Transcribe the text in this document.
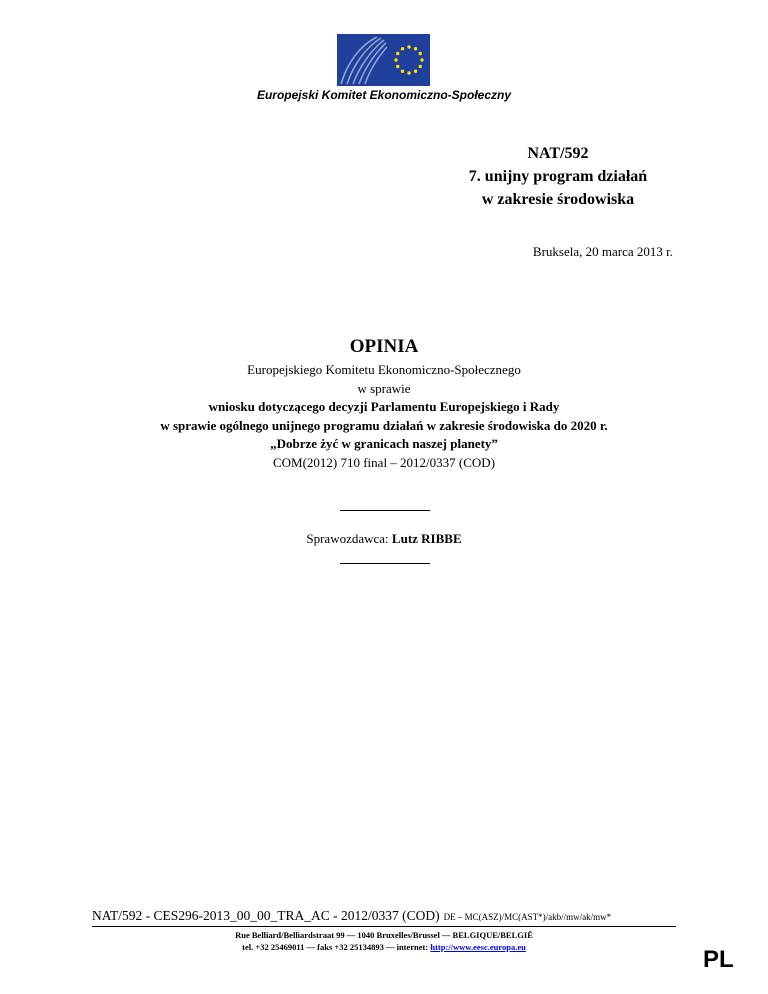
Europejski Komitet Ekonomiczno-Społeczny
NAT/592
7. unijny program działań
w zakresie środowiska
Bruksela, 20 marca 2013 r.
OPINIA
Europejskiego Komitetu Ekonomiczno-Społecznego
w sprawie
wniosku dotyczącego decyzji Parlamentu Europejskiego i Rady
w sprawie ogólnego unijnego programu działań w zakresie środowiska do 2020 r.
„Dobrze żyć w granicach naszej planety”
COM(2012) 710 final – 2012/0337 (COD)
Sprawozdawca: Lutz RIBBE
NAT/592 - CES296-2013_00_00_TRA_AC - 2012/0337 (COD) DE – MC(ASZ)/MC(AST*)/akb//mw/ak/mw*
Rue Belliard/Belliardstraat 99 — 1040 Bruxelles/Brussel — BELGIQUE/BELGIË
tel. +32 25469011 — faks +32 25134893 — internet: http://www.eesc.europa.eu	PL
